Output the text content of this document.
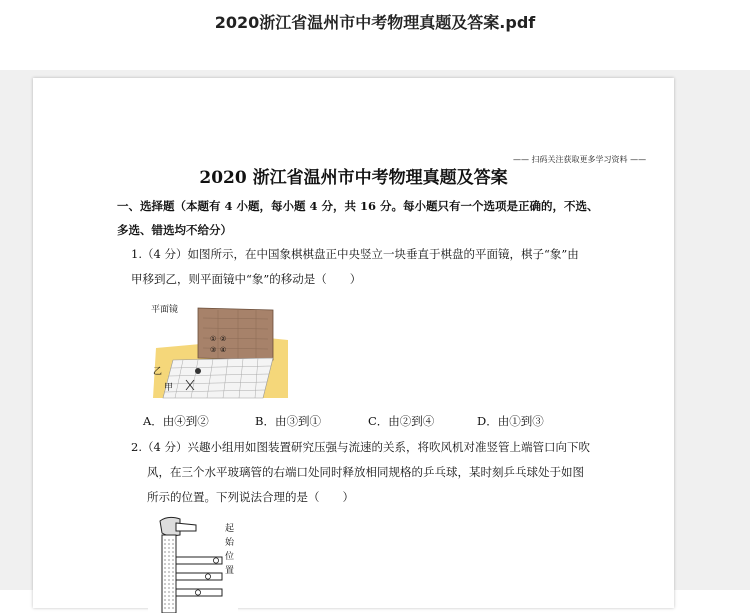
2020浙江省温州市中考物理真题及答案.pdf
—— 扫码关注获取更多学习资料 ——
2020 浙江省温州市中考物理真题及答案
一、选择题（本题有 4 小题，每小题 4 分，共 16 分。每小题只有一个选项是正确的，不选、
多选、错选均不给分）
1.（4 分）如图所示，在中国象棋棋盘正中央竖立一块垂直于棋盘的平面镜，棋子“象”由
甲移到乙，则平面镜中“象”的移动是（　　）
平面镜
① ②
③ ④
乙
甲
A．由④到②	B．由③到①	C．由②到④	D．由①到③
2.（4 分）兴趣小组用如图装置研究压强与流速的关系，将吹风机对准竖管上端管口向下吹
风，在三个水平玻璃管的右端口处同时释放相同规格的乒乓球，某时刻乒乓球处于如图
所示的位置。下列说法合理的是（　　）
起
始
位
置
